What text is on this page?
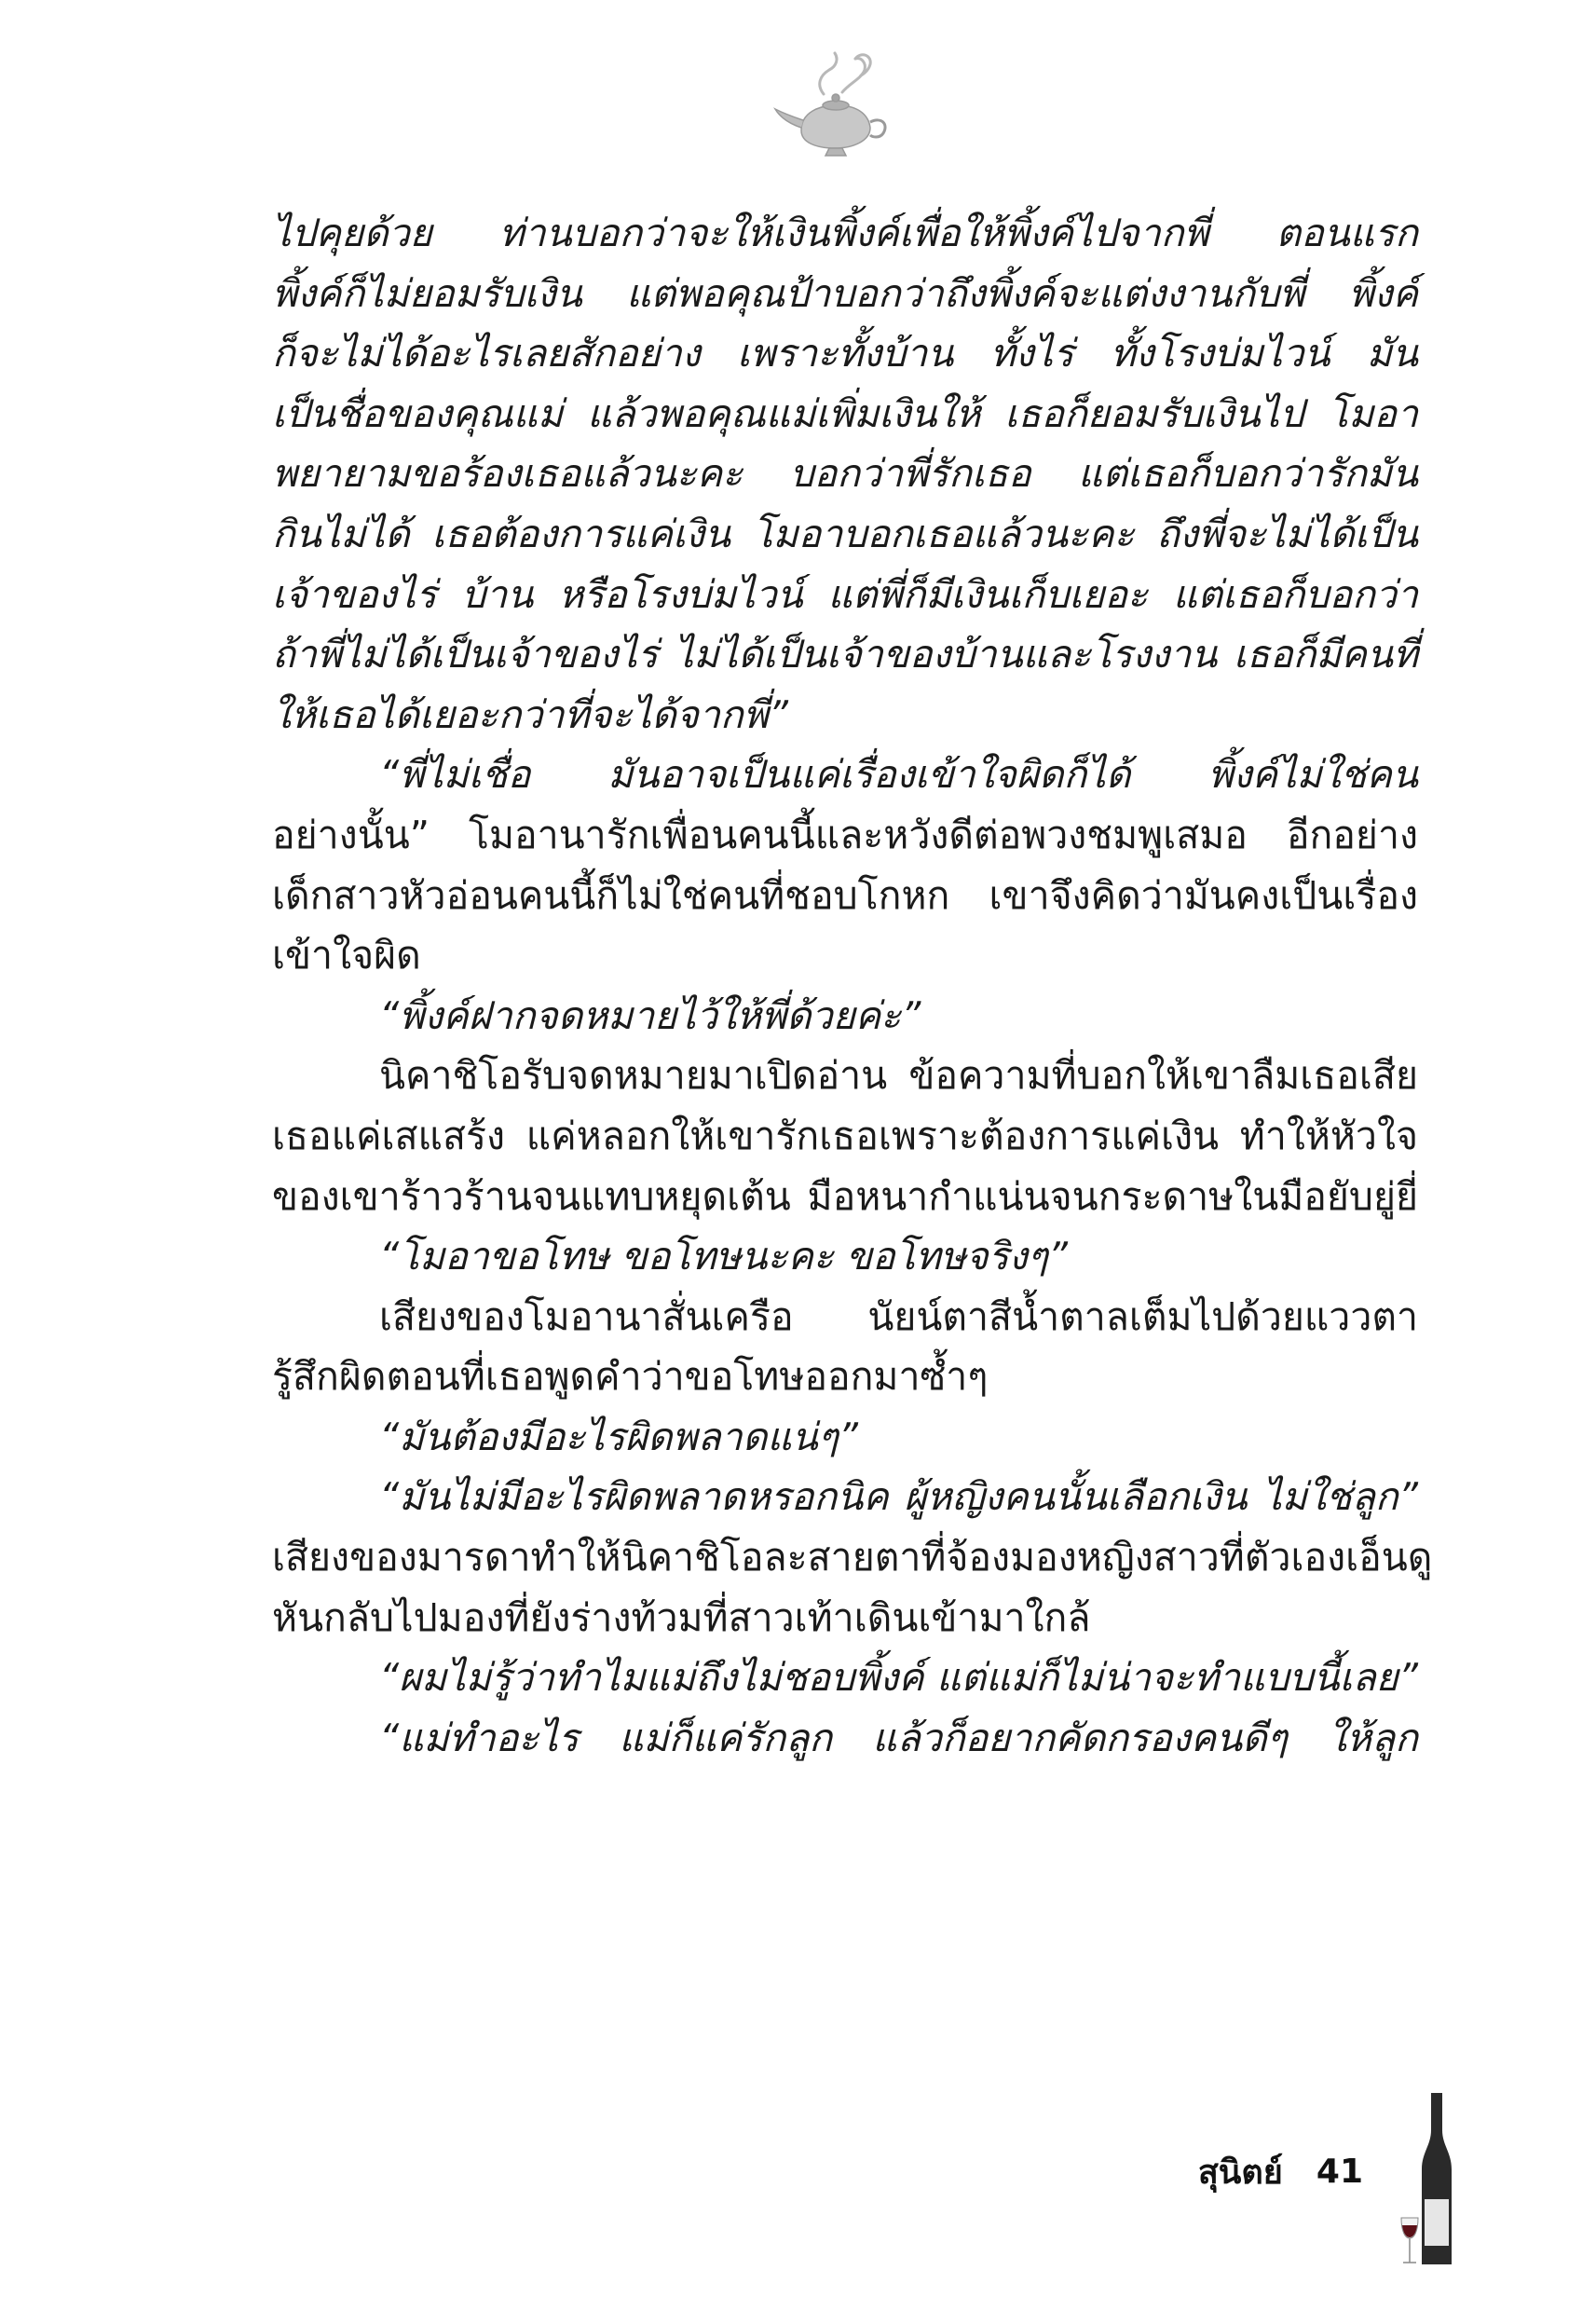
ไปคุยด้วย ท่านบอกว่าจะให้เงินพิ้งค์เพื่อให้พิ้งค์ไปจากพี่ ตอนแรก
พิ้งค์ก็ไม่ยอมรับเงิน แต่พอคุณป้าบอกว่าถึงพิ้งค์จะแต่งงานกับพี่ พิ้งค์
ก็จะไม่ได้อะไรเลยสักอย่าง เพราะทั้งบ้าน ทั้งไร่ ทั้งโรงบ่มไวน์ มัน
เป็นชื่อของคุณแม่ แล้วพอคุณแม่เพิ่มเงินให้ เธอก็ยอมรับเงินไป โมอา
พยายามขอร้องเธอแล้วนะคะ บอกว่าพี่รักเธอ แต่เธอก็บอกว่ารักมัน
กินไม่ได้ เธอต้องการแค่เงิน โมอาบอกเธอแล้วนะคะ ถึงพี่จะไม่ได้เป็น
เจ้าของไร่ บ้าน หรือโรงบ่มไวน์ แต่พี่ก็มีเงินเก็บเยอะ แต่เธอก็บอกว่า
ถ้าพี่ไม่ได้เป็นเจ้าของไร่ ไม่ได้เป็นเจ้าของบ้านและโรงงาน เธอก็มีคนที่
ให้เธอได้เยอะกว่าที่จะได้จากพี่”
“พี่ไม่เชื่อ มันอาจเป็นแค่เรื่องเข้าใจผิดก็ได้ พิ้งค์ไม่ใช่คน
อย่างนั้น” โมอานารักเพื่อนคนนี้และหวังดีต่อพวงชมพูเสมอ อีกอย่าง
เด็กสาวหัวอ่อนคนนี้ก็ไม่ใช่คนที่ชอบโกหก เขาจึงคิดว่ามันคงเป็นเรื่อง
เข้าใจผิด
“พิ้งค์ฝากจดหมายไว้ให้พี่ด้วยค่ะ”
นิคาชิโอรับจดหมายมาเปิดอ่าน ข้อความที่บอกให้เขาลืมเธอเสีย
เธอแค่เสแสร้ง แค่หลอกให้เขารักเธอเพราะต้องการแค่เงิน ทำให้หัวใจ
ของเขาร้าวร้านจนแทบหยุดเต้น มือหนากำแน่นจนกระดาษในมือยับยู่ยี่
“โมอาขอโทษ ขอโทษนะคะ ขอโทษจริงๆ”
เสียงของโมอานาสั่นเครือ นัยน์ตาสีน้ำตาลเต็มไปด้วยแววตา
รู้สึกผิดตอนที่เธอพูดคำว่าขอโทษออกมาซ้ำๆ
“มันต้องมีอะไรผิดพลาดแน่ๆ”
“มันไม่มีอะไรผิดพลาดหรอกนิค ผู้หญิงคนนั้นเลือกเงิน ไม่ใช่ลูก”
เสียงของมารดาทำให้นิคาชิโอละสายตาที่จ้องมองหญิงสาวที่ตัวเองเอ็นดู
หันกลับไปมองที่ยังร่างท้วมที่สาวเท้าเดินเข้ามาใกล้
“ผมไม่รู้ว่าทำไมแม่ถึงไม่ชอบพิ้งค์ แต่แม่ก็ไม่น่าจะทำแบบนี้เลย”
“แม่ทำอะไร แม่ก็แค่รักลูก แล้วก็อยากคัดกรองคนดีๆ ให้ลูก
สุนิตย์ 41
